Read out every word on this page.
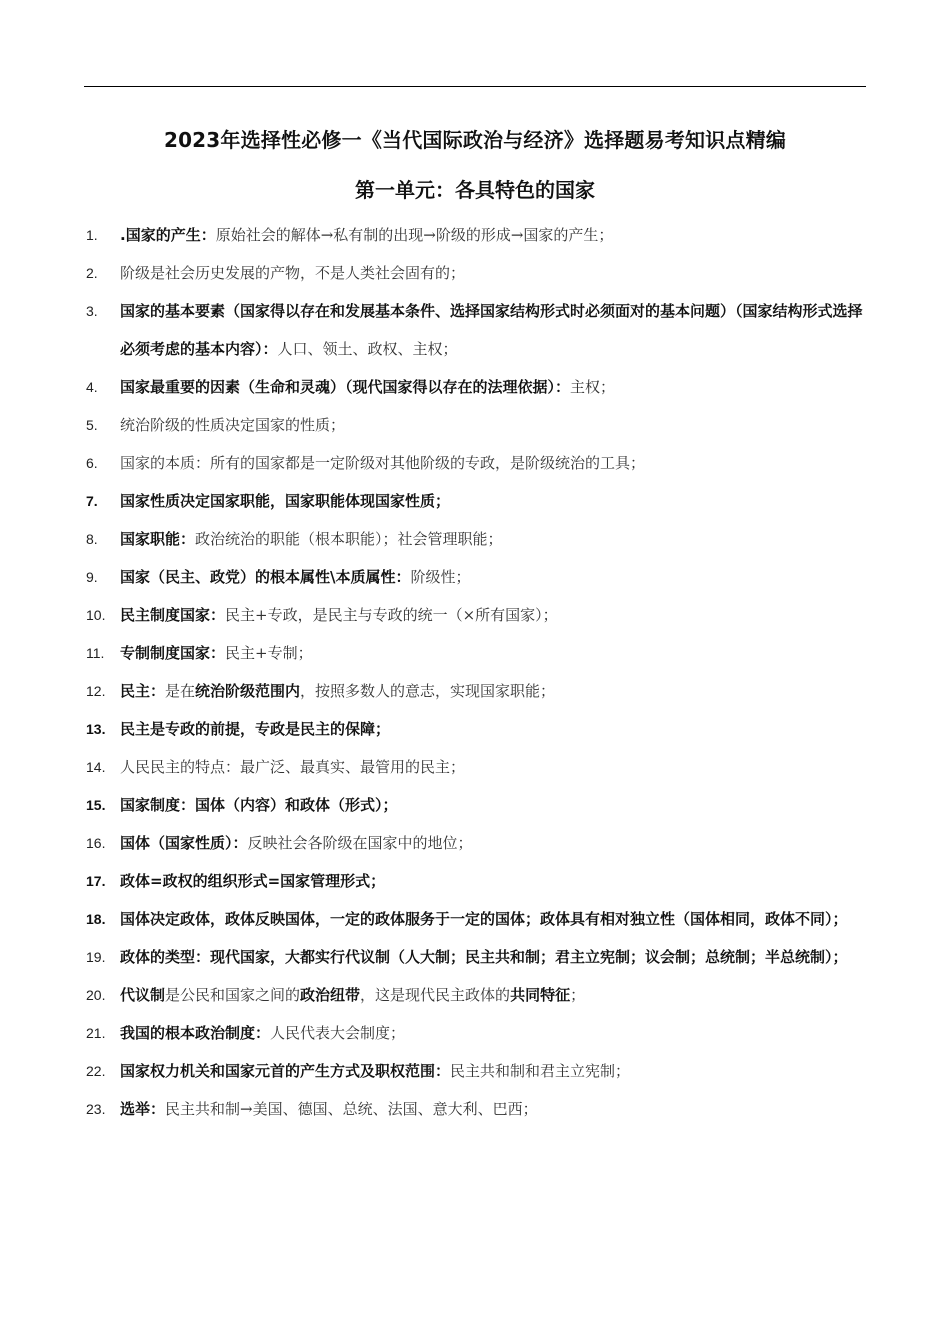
2023年选择性必修一《当代国际政治与经济》选择题易考知识点精编
第一单元：各具特色的国家
1.	.国家的产生：原始社会的解体→私有制的出现→阶级的形成→国家的产生；
2.	阶级是社会历史发展的产物，不是人类社会固有的；
3.	国家的基本要素（国家得以存在和发展基本条件、选择国家结构形式时必须面对的基本问题）（国家结构形式选择必须考虑的基本内容）：人口、领土、政权、主权；
4.	国家最重要的因素（生命和灵魂）（现代国家得以存在的法理依据）：主权；
5.	统治阶级的性质决定国家的性质；
6.	国家的本质：所有的国家都是一定阶级对其他阶级的专政，是阶级统治的工具；
7.	国家性质决定国家职能，国家职能体现国家性质；
8.	国家职能：政治统治的职能（根本职能）；社会管理职能；
9.	国家（民主、政党）的根本属性\本质属性：阶级性；
10. 民主制度国家：民主+专政，是民主与专政的统一（×所有国家）；
11.	专制制度国家：民主+专制；
12. 民主：是在统治阶级范围内，按照多数人的意志，实现国家职能；
13. 民主是专政的前提，专政是民主的保障；
14. 人民民主的特点：最广泛、最真实、最管用的民主；
15. 国家制度：国体（内容）和政体（形式）；
16. 国体（国家性质）：反映社会各阶级在国家中的地位；
17. 政体=政权的组织形式=国家管理形式；
18. 国体决定政体，政体反映国体，一定的政体服务于一定的国体；政体具有相对独立性（国体相同，政体不同）；
19. 政体的类型：现代国家，大都实行代议制（人大制；民主共和制；君主立宪制；议会制；总统制；半总统制）；
20. 代议制是公民和国家之间的政治纽带，这是现代民主政体的共同特征；
21. 我国的根本政治制度：人民代表大会制度；
22. 国家权力机关和国家元首的产生方式及职权范围：民主共和制和君主立宪制；
23. 选举：民主共和制→美国、德国、总统、法国、意大利、巴西；
